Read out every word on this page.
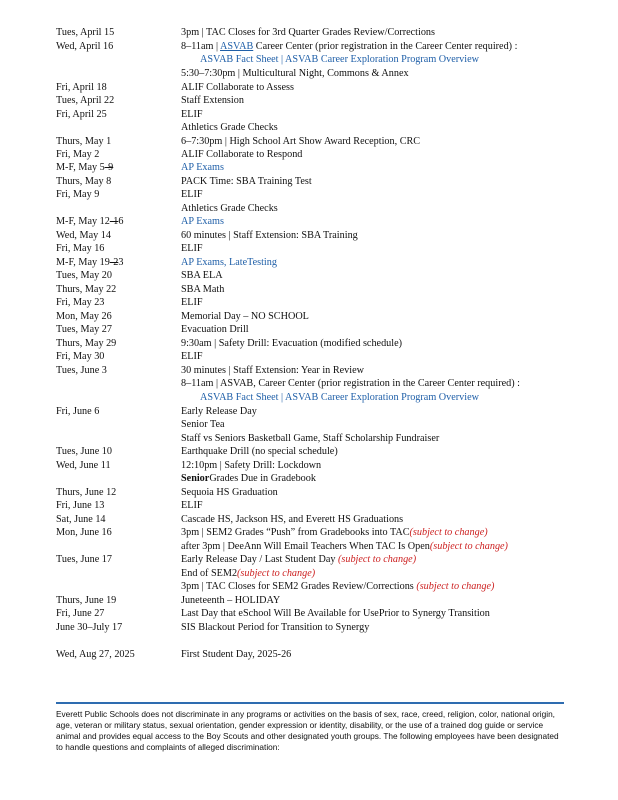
Tues, April 15	3pm | TAC Closes for 3rd Quarter Grades Review/Corrections
Wed, April 16	8–11am | ASVAB Career Center (prior registration in the Career Center required) :
ASVAB Fact Sheet | ASVAB Career Exploration Program Overview
5:30–7:30pm | Multicultural Night, Commons & Annex
Fri, April 18	ALIF Collaborate to Assess
Tues, April 22	Staff Extension
Fri, April 25	ELIF
Athletics Grade Checks
Thurs, May 1	6–7:30pm | High School Art Show Award Reception, CRC
Fri, May 2	ALIF Collaborate to Respond
M-F, May 5-9	AP Exams
Thurs, May 8	PACK Time: SBA Training Test
Fri, May 9	ELIF
Athletics Grade Checks
M-F, May 12-16	AP Exams
Wed, May 14	60 minutes | Staff Extension: SBA Training
Fri, May 16	ELIF
M-F, May 19-23	AP Exams, LateTesting
Tues, May 20	SBA ELA
Thurs, May 22	SBA Math
Fri, May 23	ELIF
Mon, May 26	Memorial Day – NO SCHOOL
Tues, May 27	Evacuation Drill
Thurs, May 29	9:30am | Safety Drill: Evacuation (modified schedule)
Fri, May 30	ELIF
Tues, June 3	30 minutes | Staff Extension: Year in Review
8–11am | ASVAB, Career Center (prior registration in the Career Center required) :
ASVAB Fact Sheet | ASVAB Career Exploration Program Overview
Fri, June 6	Early Release Day
Senior Tea
Staff vs Seniors Basketball Game, Staff Scholarship Fundraiser
Tues, June 10	Earthquake Drill (no special schedule)
Wed, June 11	12:10pm | Safety Drill: Lockdown
SeniorGrades Due in Gradebook
Thurs, June 12	Sequoia HS Graduation
Fri, June 13	ELIF
Sat, June 14	Cascade HS, Jackson HS, and Everett HS Graduations
Mon, June 16	3pm | SEM2 Grades “Push” from Gradebooks into TAC(subject to change)
after 3pm | DeeAnn Will Email Teachers When TAC Is Open(subject to change)
Tues, June 17	Early Release Day / Last Student Day (subject to change)
End of SEM2(subject to change)
3pm | TAC Closes for SEM2 Grades Review/Corrections (subject to change)
Thurs, June 19	Juneteenth – HOLIDAY
Fri, June 27	Last Day that eSchool Will Be Available for UsePrior to Synergy Transition
June 30–July 17	SIS Blackout Period for Transition to Synergy
Wed, Aug 27, 2025	First Student Day, 2025-26
Everett Public Schools does not discriminate in any programs or activities on the basis of sex, race, creed, religion, color, national origin, age, veteran or military status, sexual orientation, gender expression or identity, disability, or the use of a trained dog guide or service animal and provides equal access to the Boy Scouts and other designated youth groups. The following employees have been designated to handle questions and complaints of alleged discrimination:
